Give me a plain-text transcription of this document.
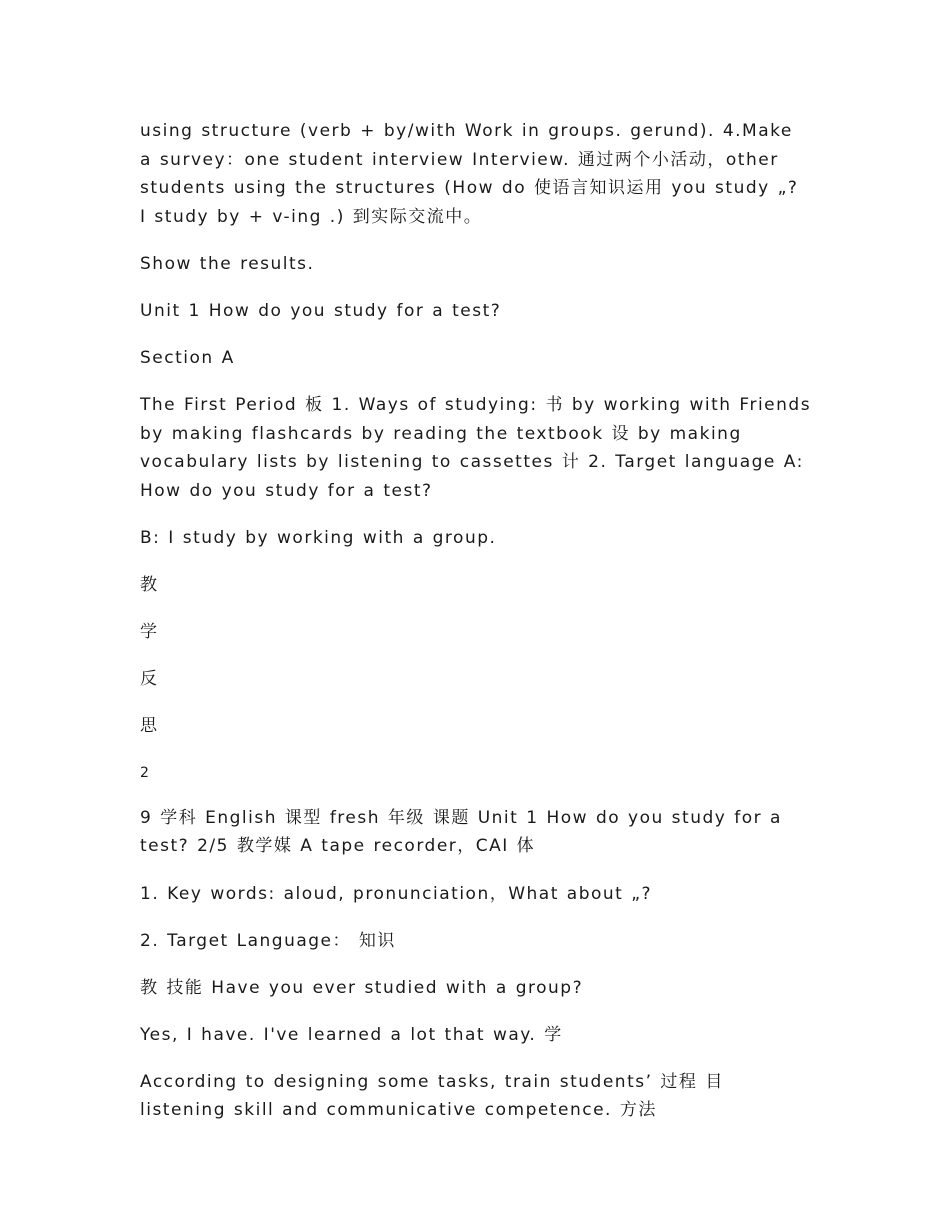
using structure (verb + by/with Work in groups. gerund). 4.Make a survey：one student interview Interview. 通过两个小活动，other students using the structures (How do 使语言知识运用 you study „? I study by + v-ing .) 到实际交流中。

Show the results.

Unit 1 How do you study for a test?

Section A

The First Period 板 1. Ways of studying: 书 by working with Friends by making flashcards by reading the textbook 设 by making vocabulary lists by listening to cassettes 计 2. Target language A: How do you study for a test?

B: I study by working with a group.

教

学

反

思

2

9 学科 English 课型 fresh 年级 课题 Unit 1 How do you study for a test? 2/5 教学媒 A tape recorder，CAI 体

1. Key words: aloud, pronunciation，What about „?

2. Target Language： 知识

教 技能 Have you ever studied with a group?

Yes, I have. I've learned a lot that way. 学

According to designing some tasks, train students’ 过程 目 listening skill and communicative competence. 方法
